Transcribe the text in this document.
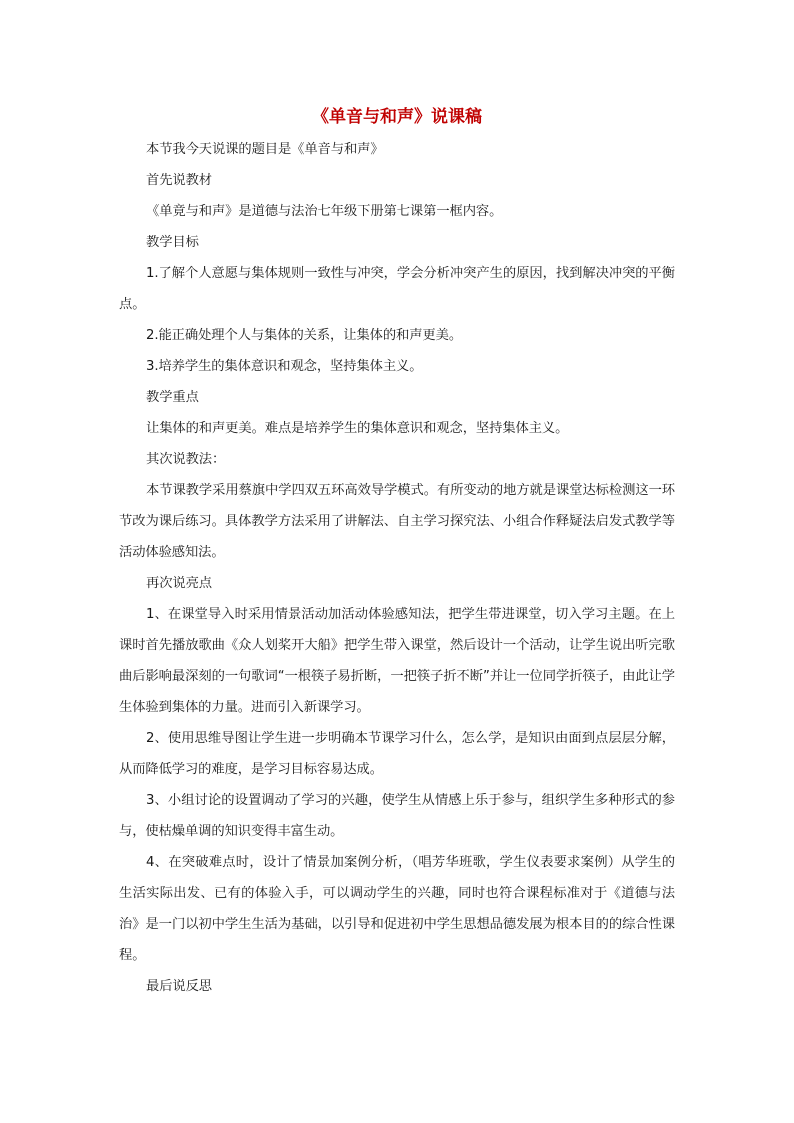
《单音与和声》说课稿

本节我今天说课的题目是《单音与和声》

首先说教材

《单竟与和声》是道德与法治七年级下册第七课第一框内容。

教学目标

1.了解个人意愿与集体规则一致性与冲突，学会分析冲突产生的原因，找到解决冲突的平衡点。

2.能正确处理个人与集体的关系，让集体的和声更美。

3.培养学生的集体意识和观念，坚持集体主义。

教学重点

让集体的和声更美。难点是培养学生的集体意识和观念，坚持集体主义。

其次说教法：

本节课教学采用蔡旗中学四双五环高效导学模式。有所变动的地方就是课堂达标检测这一环节改为课后练习。具体教学方法采用了讲解法、自主学习探究法、小组合作释疑法启发式教学等活动体验感知法。

再次说亮点

1、在课堂导入时采用情景活动加活动体验感知法，把学生带进课堂，切入学习主题。在上课时首先播放歌曲《众人划桨开大船》把学生带入课堂，然后设计一个活动，让学生说出听完歌曲后影响最深刻的一句歌词“一根筷子易折断，一把筷子折不断”并让一位同学折筷子，由此让学生体验到集体的力量。进而引入新课学习。

2、使用思维导图让学生进一步明确本节课学习什么，怎么学，是知识由面到点层层分解，从而降低学习的难度，是学习目标容易达成。

3、小组讨论的设置调动了学习的兴趣，使学生从情感上乐于参与，组织学生多种形式的参与，使枯燥单调的知识变得丰富生动。

4、在突破难点时，设计了情景加案例分析，（唱芳华班歌，学生仪表要求案例）从学生的生活实际出发、已有的体验入手，可以调动学生的兴趣，同时也符合课程标准对于《道德与法治》是一门以初中学生生活为基础，以引导和促进初中学生思想品德发展为根本目的的综合性课程。

最后说反思
